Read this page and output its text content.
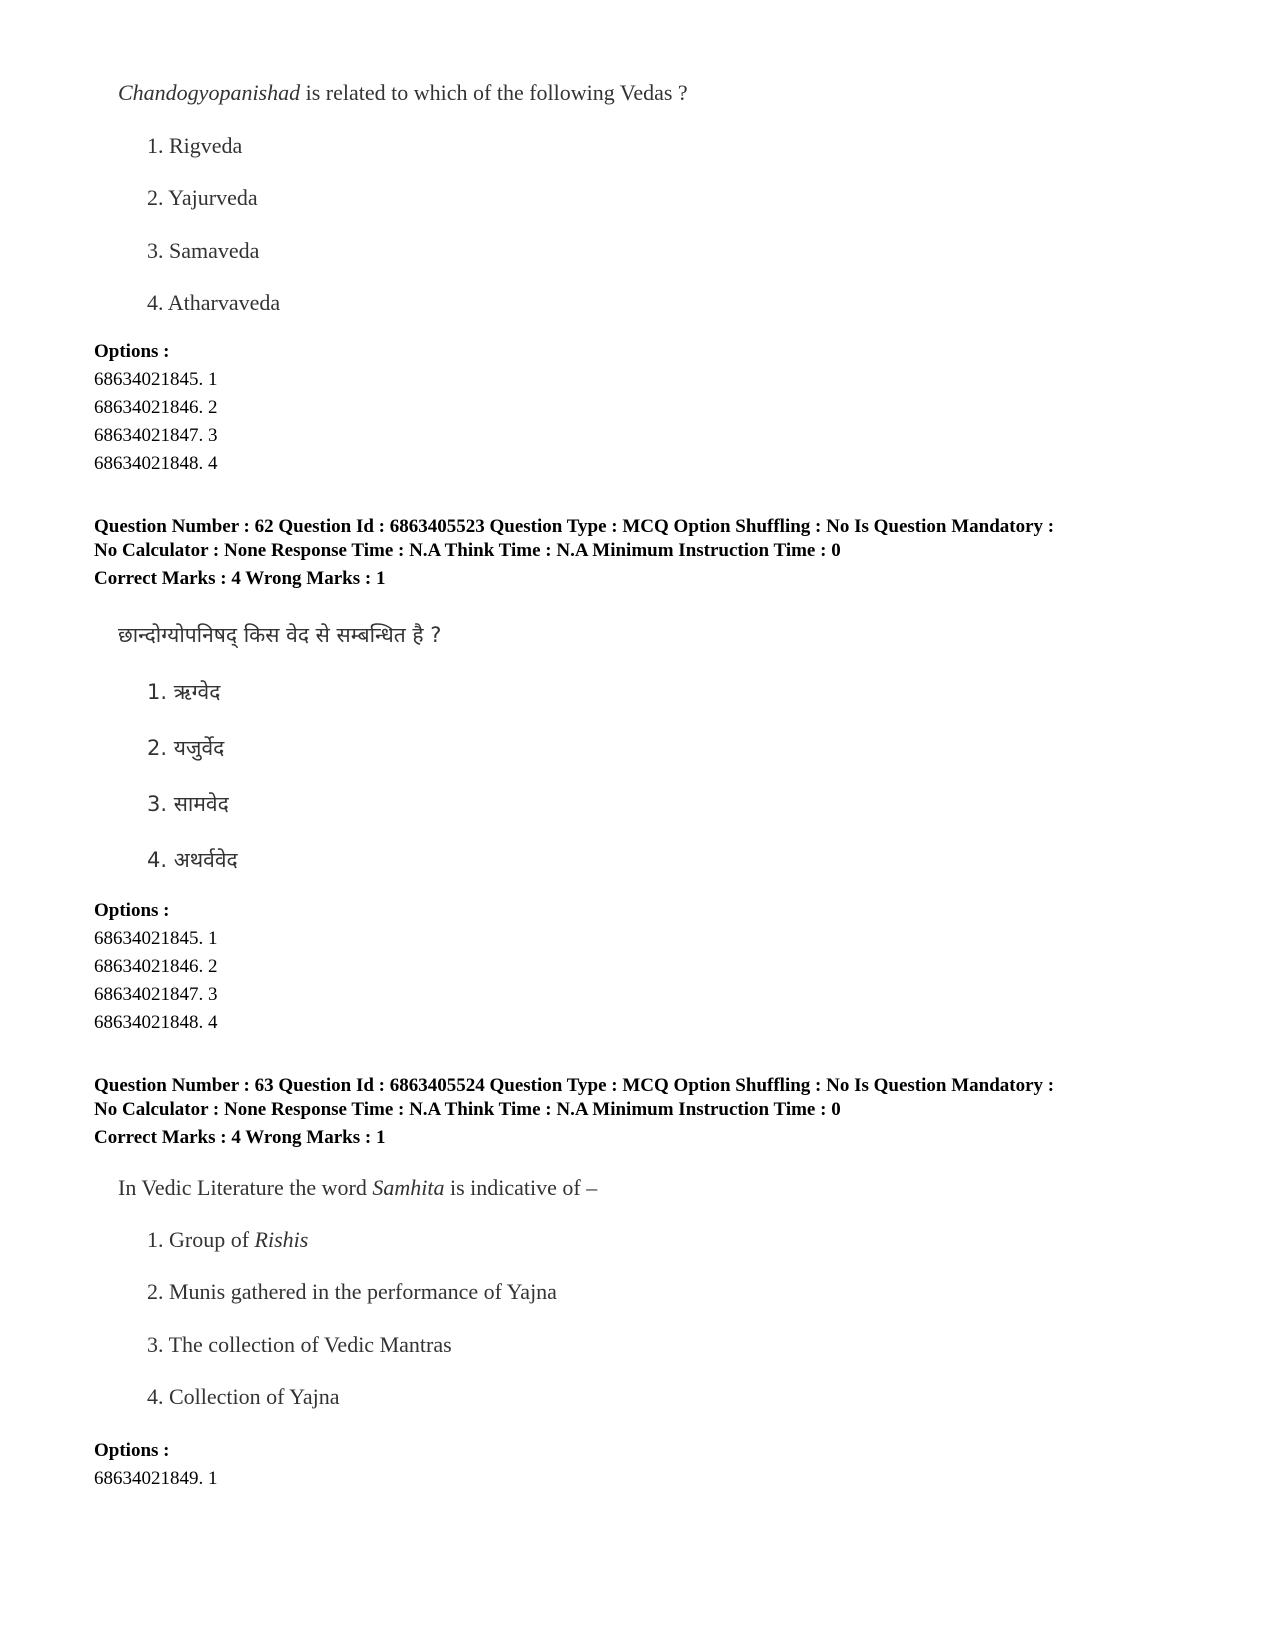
Chandogyopanishad is related to which of the following Vedas ?
1. Rigveda
2. Yajurveda
3. Samaveda
4. Atharvaveda
Options :
68634021845. 1
68634021846. 2
68634021847. 3
68634021848. 4
Question Number : 62 Question Id : 6863405523 Question Type : MCQ Option Shuffling : No Is Question Mandatory :
No Calculator : None Response Time : N.A Think Time : N.A Minimum Instruction Time : 0
Correct Marks : 4 Wrong Marks : 1
छान्दोग्योपनिषद् किस वेद से सम्बन्धित है ?
1. ऋग्वेद
2. यजुर्वेद
3. सामवेद
4. अथर्ववेद
Options :
68634021845. 1
68634021846. 2
68634021847. 3
68634021848. 4
Question Number : 63 Question Id : 6863405524 Question Type : MCQ Option Shuffling : No Is Question Mandatory :
No Calculator : None Response Time : N.A Think Time : N.A Minimum Instruction Time : 0
Correct Marks : 4 Wrong Marks : 1
In Vedic Literature the word Samhita is indicative of –
1. Group of Rishis
2. Munis gathered in the performance of Yajna
3. The collection of Vedic Mantras
4. Collection of Yajna
Options :
68634021849. 1
